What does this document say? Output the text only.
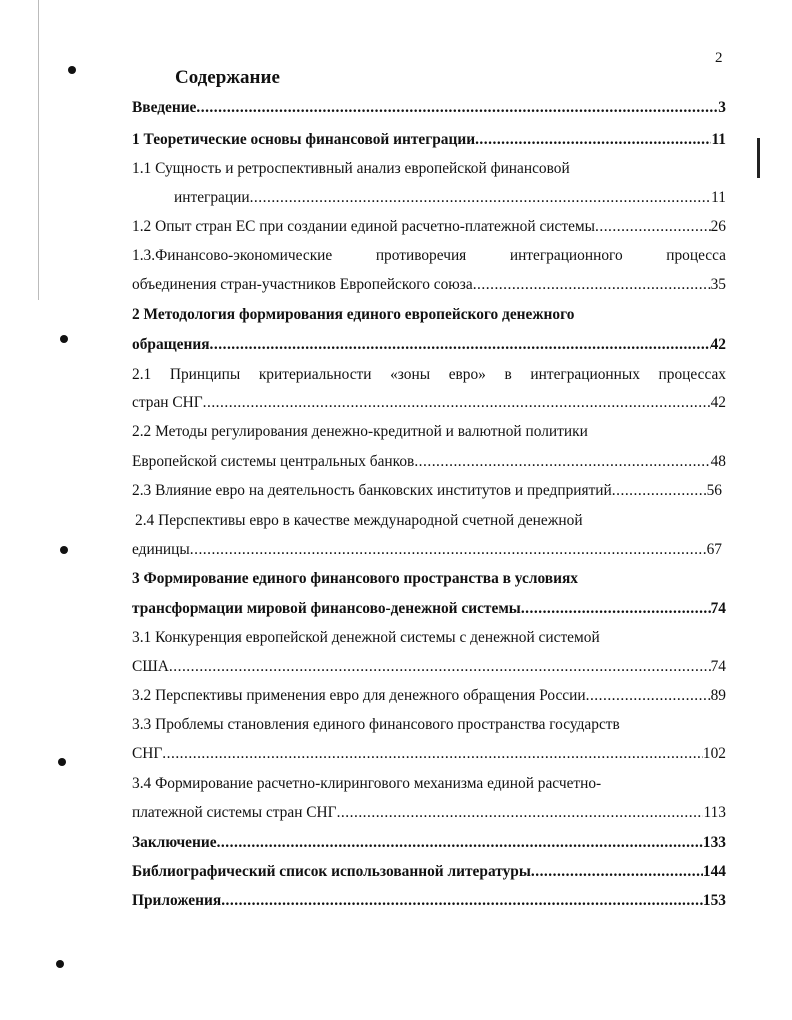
2
Содержание
Введение .....	3
1 Теоретические основы финансовой интеграции .....	11
1.1 Сущность и ретроспективный анализ европейской финансовой
интеграции .....	11
1.2 Опыт стран ЕС при создании единой расчетно-платежной системы .....	26
1.3.Финансово-экономические	противоречия	интеграционного	процесса
объединения стран-участников Европейского союза .....	35
2 Методология формирования единого европейского денежного
обращения .....	42
2.1 Принципы критериальности «зоны евро» в интеграционных процессах
стран СНГ .....	42
2.2 Методы регулирования денежно-кредитной и валютной политики
Европейской системы центральных банков .....	48
2.3 Влияние евро на деятельность банковских институтов и предприятий .....	56
2.4 Перспективы евро в качестве международной счетной денежной
единицы .....	67
3 Формирование единого финансового пространства в условиях
трансформации мировой финансово-денежной системы .....	74
3.1 Конкуренция европейской денежной системы с денежной системой
США .....	74
3.2 Перспективы применения евро для денежного обращения России .....	89
3.3 Проблемы становления единого финансового пространства государств
СНГ .....	102
3.4 Формирование расчетно-клирингового механизма единой расчетно-
платежной системы стран СНГ .....	113
Заключение .....	133
Библиографический список использованной литературы .....	144
Приложения .....	153
